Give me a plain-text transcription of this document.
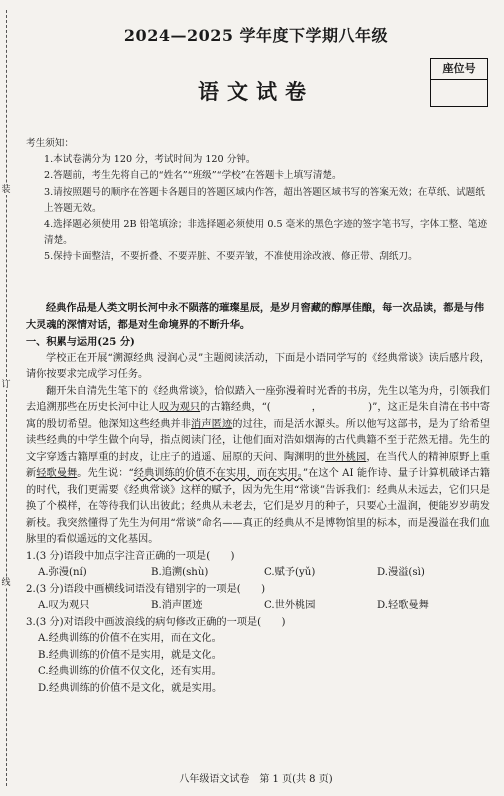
装
订
线
2024—2025 学年度下学期八年级
座位号
语文试卷

考生须知：

1.本试卷满分为 120 分，考试时间为 120 分钟。

2.答题前，考生先将自己的“姓名”“班级”“学校”在答题卡上填写清楚。

3.请按照题号的顺序在答题卡各题目的答题区域内作答，超出答题区域书写的答案无效；在草纸、试题纸上答题无效。

4.选择题必须使用 2B 铅笔填涂；非选择题必须使用 0.5 毫米的黑色字迹的签字笔书写，字体工整、笔迹清楚。

5.保持卡面整洁，不要折叠、不要弄脏、不要弄皱，不准使用涂改液、修正带、刮纸刀。

经典作品是人类文明长河中永不陨落的璀璨星辰，是岁月窖藏的醇厚佳酿，每一次品读，都是与伟大灵魂的深情对话，都是对生命境界的不断升华。

一、积累与运用(25 分)

学校正在开展“溯源经典 浸润心灵”主题阅读活动，下面是小语同学写的《经典常谈》读后感片段，请你按要求完成学习任务。

翻开朱自清先生笔下的《经典常谈》，恰似踏入一座弥漫着时光香的书房，先生以笔为舟，引领我们去追溯那些在历史长河中让人叹为观只的古籍经典，“(　　　　，　　　　　)”，这正是朱自清在书中寄寓的殷切希望。他深知这些经典并非消声匿迹的过往，而是活水源头。所以他写这部书，是为了给希望读些经典的中学生做个向导，指点阅读门径，让他们面对浩如烟海的古代典籍不至于茫然无措。先生的文字穿透古籍厚重的封皮，让庄子的逍遥、屈原的天问、陶渊明的世外桃园，在当代人的精神原野上重新轻歌曼舞。先生说：“经典训练的价值不在实用，而在实用。”在这个 AI 能作诗、量子计算机破译古籍的时代，我们更需要《经典常谈》这样的赋予，因为先生用“常谈”告诉我们：经典从未远去，它们只是换了个模样，在等待我们认出彼此；经典从未老去，它们是岁月的种子，只要心土温润，便能岁岁萌发新枝。我突然懂得了先生为何用“常谈”命名——真正的经典从不是博物馆里的标本，而是漫溢在我们血脉里的看似遥远的文化基因。

1.(3 分)语段中加点字注音正确的一项是(　　)

A.弥漫(ní)	B.追溯(shù)	C.赋予(yǔ)	D.漫溢(sì)

2.(3 分)语段中画横线词语没有错别字的一项是(　　)

A.叹为观只	B.消声匿迹	C.世外桃园	D.轻歌曼舞

3.(3 分)对语段中画波浪线的病句修改正确的一项是(　　)

A.经典训练的价值不在实用，而在文化。

B.经典训练的价值不是实用，就是文化。

C.经典训练的价值不仅文化，还有实用。

D.经典训练的价值不是文化，就是实用。

八年级语文试卷　第 1 页(共 8 页)
